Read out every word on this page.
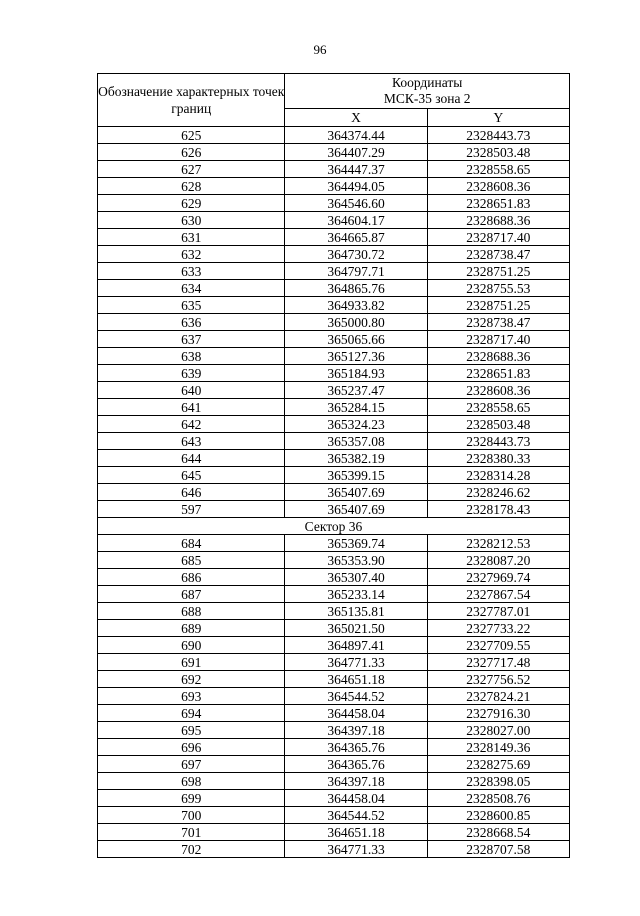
96
Обозначение характерных точек границ	Координаты
МСК-35 зона 2	
	X	Y
625	364374.44	2328443.73
626	364407.29	2328503.48
627	364447.37	2328558.65
628	364494.05	2328608.36
629	364546.60	2328651.83
630	364604.17	2328688.36
631	364665.87	2328717.40
632	364730.72	2328738.47
633	364797.71	2328751.25
634	364865.76	2328755.53
635	364933.82	2328751.25
636	365000.80	2328738.47
637	365065.66	2328717.40
638	365127.36	2328688.36
639	365184.93	2328651.83
640	365237.47	2328608.36
641	365284.15	2328558.65
642	365324.23	2328503.48
643	365357.08	2328443.73
644	365382.19	2328380.33
645	365399.15	2328314.28
646	365407.69	2328246.62
597	365407.69	2328178.43
Сектор 36		
684	365369.74	2328212.53
685	365353.90	2328087.20
686	365307.40	2327969.74
687	365233.14	2327867.54
688	365135.81	2327787.01
689	365021.50	2327733.22
690	364897.41	2327709.55
691	364771.33	2327717.48
692	364651.18	2327756.52
693	364544.52	2327824.21
694	364458.04	2327916.30
695	364397.18	2328027.00
696	364365.76	2328149.36
697	364365.76	2328275.69
698	364397.18	2328398.05
699	364458.04	2328508.76
700	364544.52	2328600.85
701	364651.18	2328668.54
702	364771.33	2328707.58
